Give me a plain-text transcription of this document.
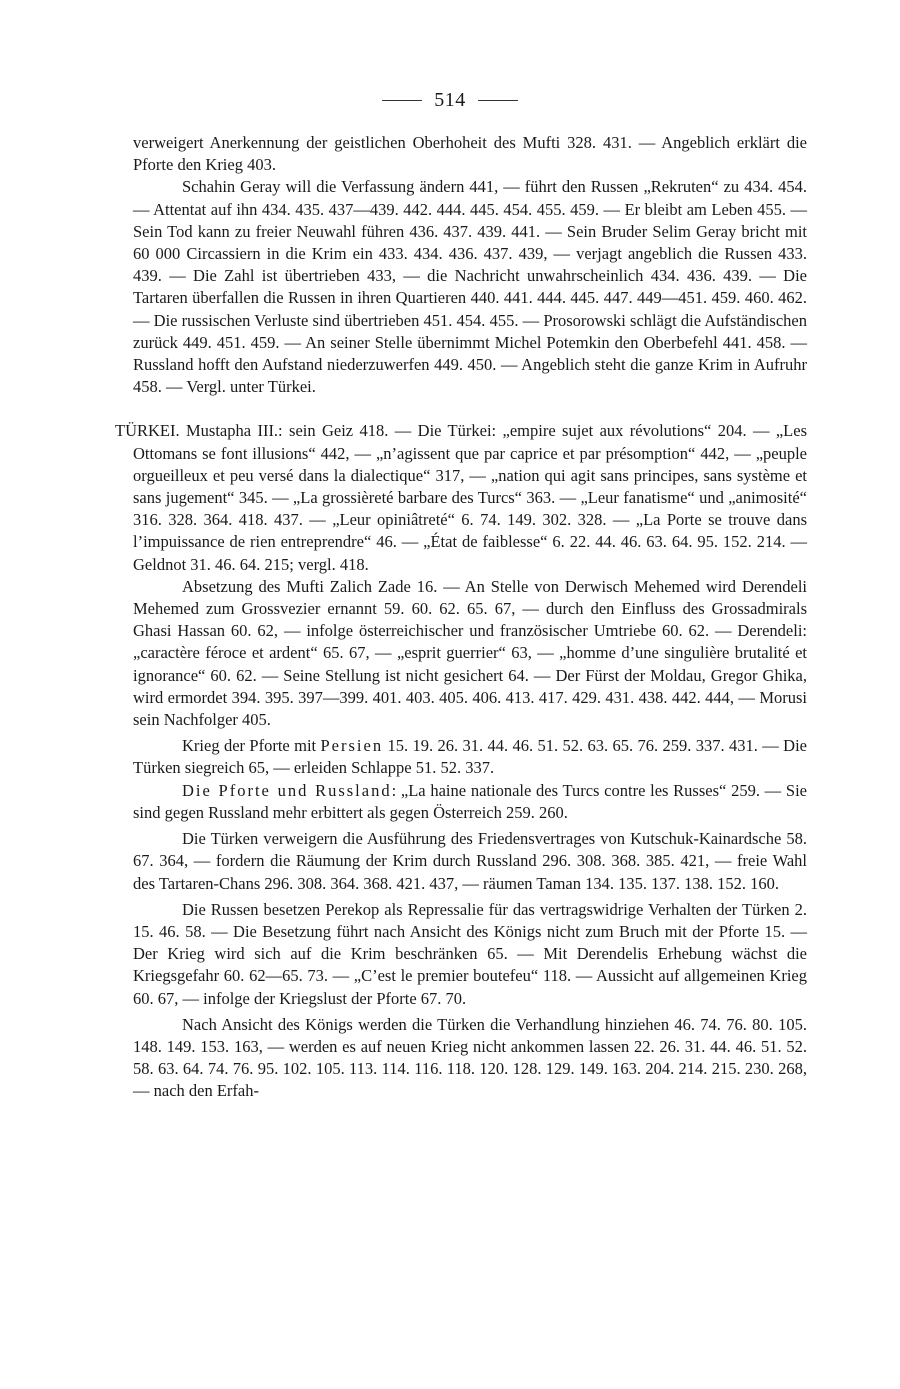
514

verweigert Anerkennung der geistlichen Oberhoheit des Mufti 328. 431. — Angeblich erklärt die Pforte den Krieg 403.

Schahin Geray will die Verfassung ändern 441, — führt den Russen „Rekruten“ zu 434. 454. — Attentat auf ihn 434. 435. 437—439. 442. 444. 445. 454. 455. 459. — Er bleibt am Leben 455. — Sein Tod kann zu freier Neuwahl führen 436. 437. 439. 441. — Sein Bruder Selim Geray bricht mit 60 000 Circassiern in die Krim ein 433. 434. 436. 437. 439, — verjagt angeblich die Russen 433. 439. — Die Zahl ist übertrieben 433, — die Nachricht unwahrscheinlich 434. 436. 439. — Die Tartaren überfallen die Russen in ihren Quartieren 440. 441. 444. 445. 447. 449—451. 459. 460. 462. — Die russischen Verluste sind übertrieben 451. 454. 455. — Prosorowski schlägt die Aufständischen zurück 449. 451. 459. — An seiner Stelle übernimmt Michel Potemkin den Oberbefehl 441. 458. — Russland hofft den Aufstand niederzuwerfen 449. 450. — Angeblich steht die ganze Krim in Aufruhr 458. — Vergl. unter Türkei.

TÜRKEI. Mustapha III.: sein Geiz 418. — Die Türkei: „empire sujet aux révolutions“ 204. — „Les Ottomans se font illusions“ 442, — „n’agissent que par caprice et par présomption“ 442, — „peuple orgueilleux et peu versé dans la dialectique“ 317, — „nation qui agit sans principes, sans système et sans jugement“ 345. — „La grossièreté barbare des Turcs“ 363. — „Leur fanatisme“ und „animosité“ 316. 328. 364. 418. 437. — „Leur opiniâtreté“ 6. 74. 149. 302. 328. — „La Porte se trouve dans l’impuissance de rien entreprendre“ 46. — „État de faiblesse“ 6. 22. 44. 46. 63. 64. 95. 152. 214. — Geldnot 31. 46. 64. 215; vergl. 418.

Absetzung des Mufti Zalich Zade 16. — An Stelle von Derwisch Mehemed wird Derendeli Mehemed zum Grossvezier ernannt 59. 60. 62. 65. 67, — durch den Einfluss des Grossadmirals Ghasi Hassan 60. 62, — infolge österreichischer und französischer Umtriebe 60. 62. — Derendeli: „caractère féroce et ardent“ 65. 67, — „esprit guerrier“ 63, — „homme d’une singulière brutalité et ignorance“ 60. 62. — Seine Stellung ist nicht gesichert 64. — Der Fürst der Moldau, Gregor Ghika, wird ermordet 394. 395. 397—399. 401. 403. 405. 406. 413. 417. 429. 431. 438. 442. 444, — Morusi sein Nachfolger 405.

Krieg der Pforte mit Persien 15. 19. 26. 31. 44. 46. 51. 52. 63. 65. 76. 259. 337. 431. — Die Türken siegreich 65, — erleiden Schlappe 51. 52. 337.

Die Pforte und Russland: „La haine nationale des Turcs contre les Russes“ 259. — Sie sind gegen Russland mehr erbittert als gegen Österreich 259. 260.

Die Türken verweigern die Ausführung des Friedensvertrages von Kutschuk-Kainardsche 58. 67. 364, — fordern die Räumung der Krim durch Russland 296. 308. 368. 385. 421, — freie Wahl des Tartaren-Chans 296. 308. 364. 368. 421. 437, — räumen Taman 134. 135. 137. 138. 152. 160.

Die Russen besetzen Perekop als Repressalie für das vertragswidrige Verhalten der Türken 2. 15. 46. 58. — Die Besetzung führt nach Ansicht des Königs nicht zum Bruch mit der Pforte 15. — Der Krieg wird sich auf die Krim beschränken 65. — Mit Derendelis Erhebung wächst die Kriegsgefahr 60. 62—65. 73. — „C’est le premier boutefeu“ 118. — Aussicht auf allgemeinen Krieg 60. 67, — infolge der Kriegslust der Pforte 67. 70.

Nach Ansicht des Königs werden die Türken die Verhandlung hinziehen 46. 74. 76. 80. 105. 148. 149. 153. 163, — werden es auf neuen Krieg nicht ankommen lassen 22. 26. 31. 44. 46. 51. 52. 58. 63. 64. 74. 76. 95. 102. 105. 113. 114. 116. 118. 120. 128. 129. 149. 163. 204. 214. 215. 230. 268, — nach den Erfah-
